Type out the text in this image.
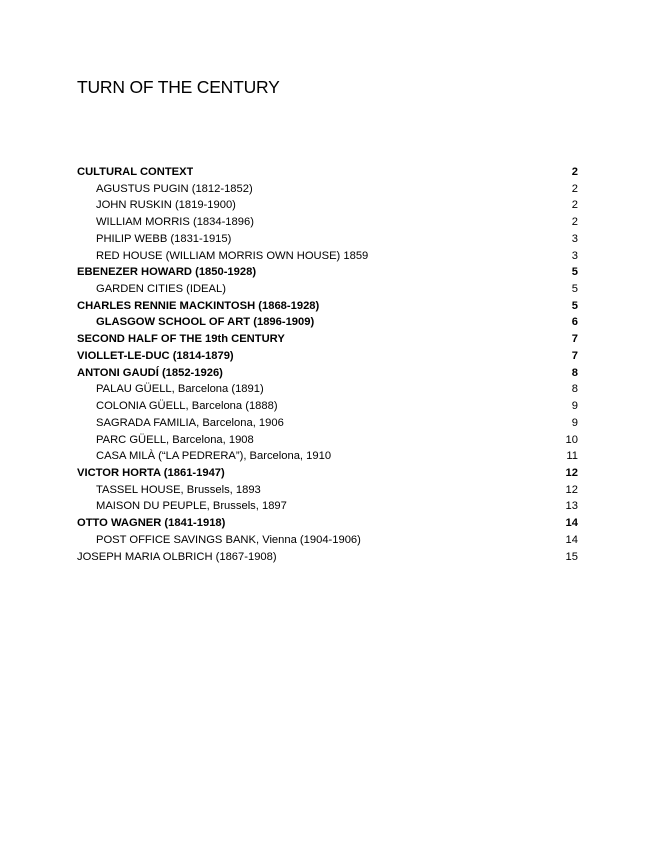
TURN OF THE CENTURY
CULTURAL CONTEXT	2
AGUSTUS PUGIN (1812-1852)	2
JOHN RUSKIN (1819-1900)	2
WILLIAM MORRIS (1834-1896)	2
PHILIP WEBB (1831-1915)	3
RED HOUSE (WILLIAM MORRIS OWN HOUSE) 1859	3
EBENEZER HOWARD (1850-1928)	5
GARDEN CITIES (IDEAL)	5
CHARLES RENNIE MACKINTOSH (1868-1928)	5
GLASGOW SCHOOL OF ART (1896-1909)	6
SECOND HALF OF THE 19th CENTURY	7
VIOLLET-LE-DUC (1814-1879)	7
ANTONI GAUDÍ (1852-1926)	8
PALAU GÜELL, Barcelona (1891)	8
COLONIA GÜELL, Barcelona (1888)	9
SAGRADA FAMILIA, Barcelona, 1906	9
PARC GÜELL, Barcelona, 1908	10
CASA MILÀ (“LA PEDRERA”), Barcelona, 1910	11
VICTOR HORTA (1861-1947)	12
TASSEL HOUSE, Brussels, 1893	12
MAISON DU PEUPLE, Brussels, 1897	13
OTTO WAGNER (1841-1918)	14
POST OFFICE SAVINGS BANK, Vienna (1904-1906)	14
JOSEPH MARIA OLBRICH (1867-1908)	15
